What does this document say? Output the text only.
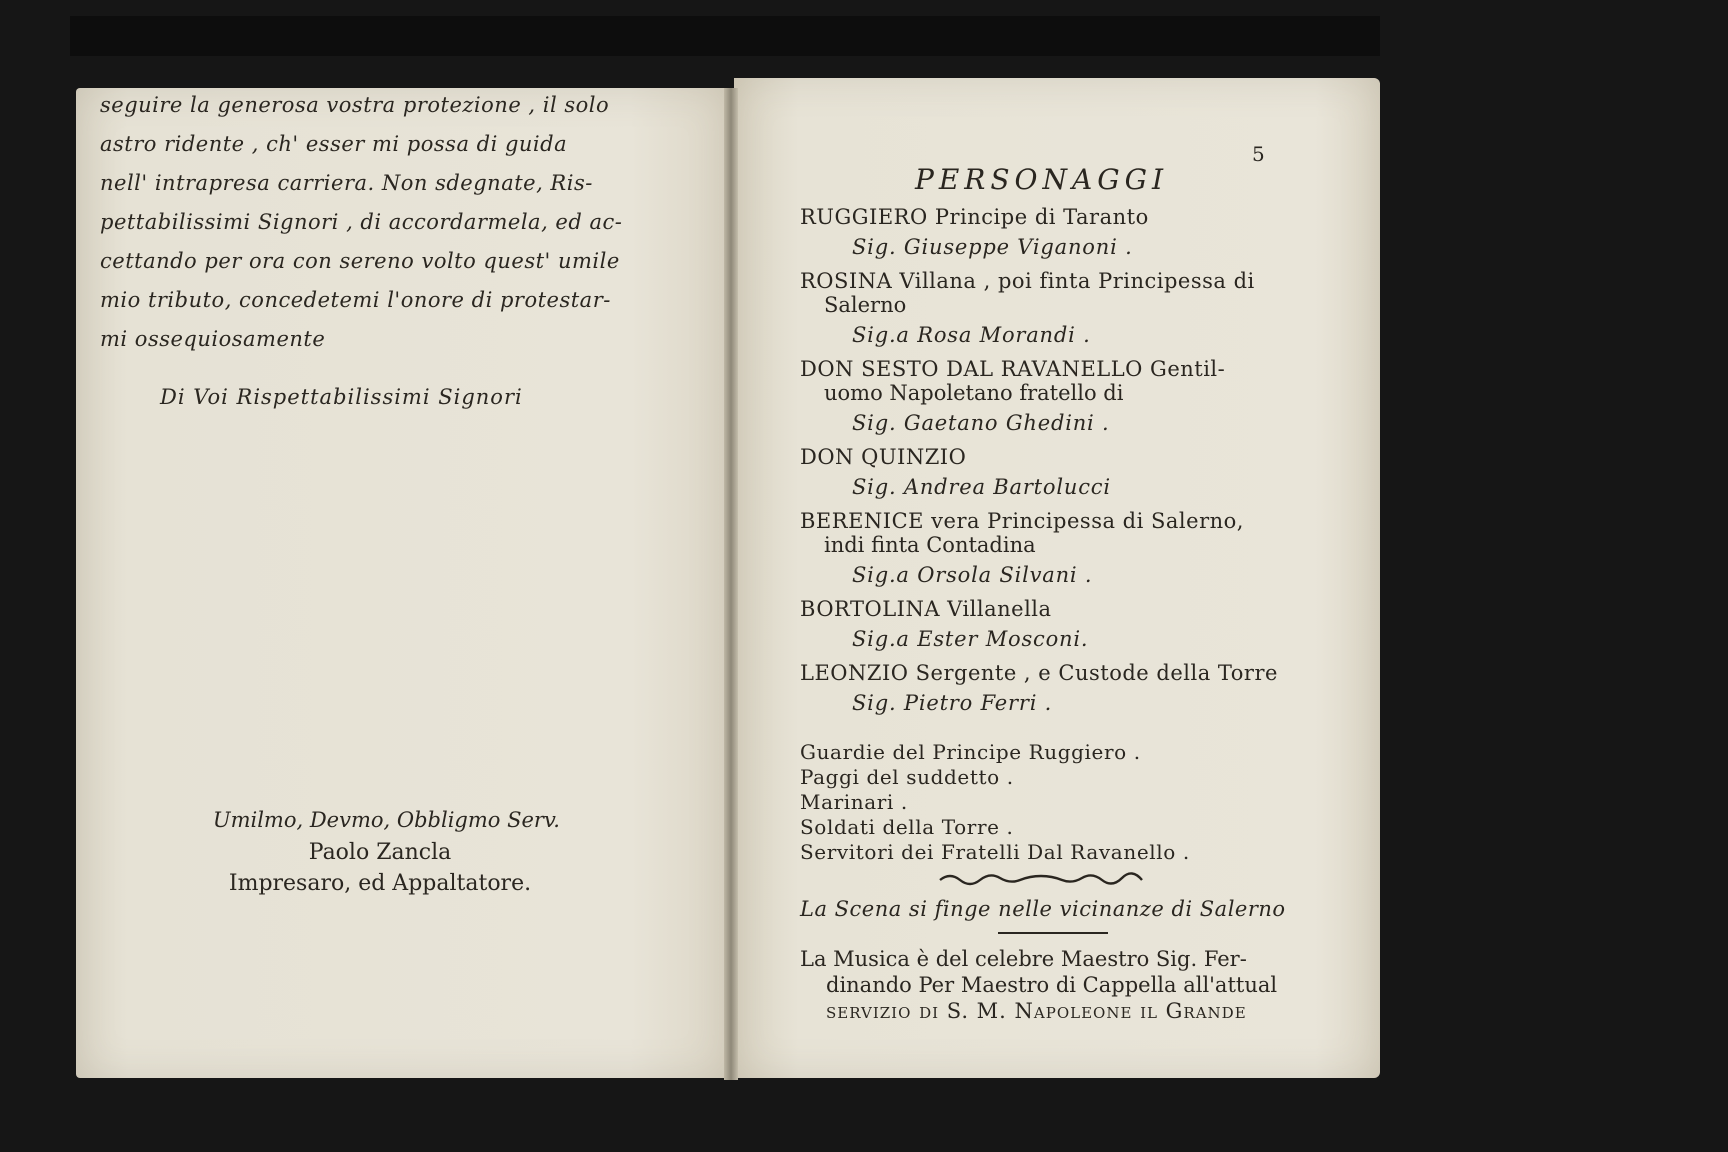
seguire la generosa vostra protezione , il solo
astro ridente , ch' esser mi possa di guida
nell' intrapresa carriera. Non sdegnate, Ris-
pettabilissimi Signori , di accordarmela, ed ac-
cettando per ora con sereno volto quest' umile
mio tributo, concedetemi l'onore di protestar-
mi ossequiosamente
Di Voi Rispettabilissimi Signori
Umilmo, Devmo, Obbligmo Serv.
Paolo Zancla
Impresaro, ed Appaltatore.
5
PERSONAGGI
RUGGIERO Principe di Taranto
Sig. Giuseppe Viganoni .
ROSINA Villana , poi finta Principessa di
Salerno
Sig.a Rosa Morandi .
DON SESTO DAL RAVANELLO Gentil-
uomo Napoletano fratello di
Sig. Gaetano Ghedini .
DON QUINZIO
Sig. Andrea Bartolucci
BERENICE vera Principessa di Salerno,
indi finta Contadina
Sig.a Orsola Silvani .
BORTOLINA Villanella
Sig.a Ester Mosconi.
LEONZIO Sergente , e Custode della Torre
Sig. Pietro Ferri .
Guardie del Principe Ruggiero .
Paggi del suddetto .
Marinari .
Soldati della Torre .
Servitori dei Fratelli Dal Ravanello .
La Scena si finge nelle vicinanze di Salerno
La Musica è del celebre Maestro Sig. Fer-
dinando Per Maestro di Cappella all'attual
servizio di S. M. Napoleone il Grande
